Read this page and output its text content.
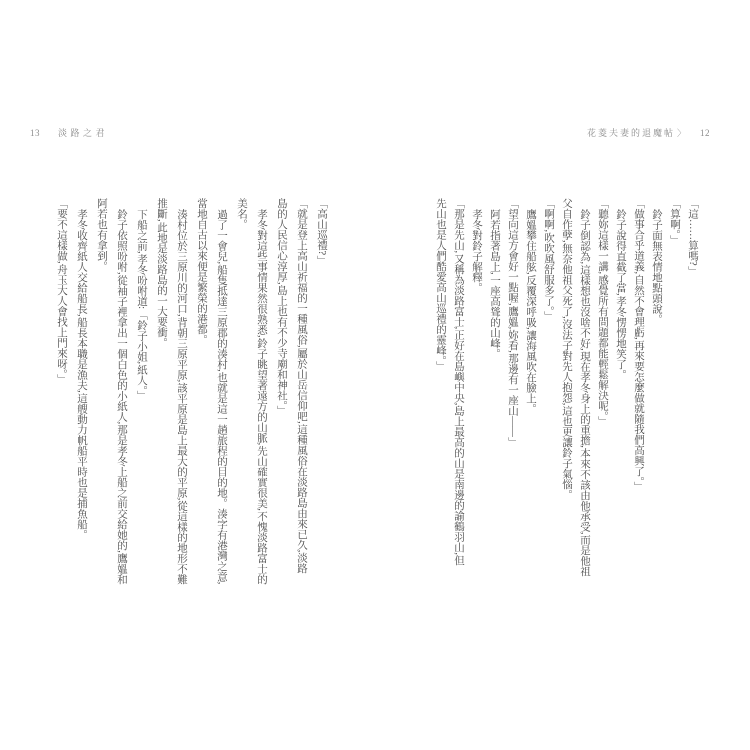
13 淡路之君	花菱夫妻的退魔帖 〉 12
「這……算嗎?」
「算啊。」
鈴子面無表情地點頭說。
「做事合乎道義,自然不會理虧,再來要怎麼做就隨我們高興了。」
鈴子說得直截了當,孝冬愣愣地笑了。
「聽妳這樣一講,感覺所有問題都能輕鬆解決呢。」
鈴子倒認為,這樣想也沒啥不好,現在孝冬身上的重擔,本來不該由他承受,而是他祖
父自作孽,無奈他祖父死了,沒法子對先人抱怨,這也更讓鈴子氣惱。
「啊啊,吹吹風舒服多了。」
鷹媼攀住船舷,反覆深呼吸,讓海風吹在臉上。
「望向這方會好一點喔,鷹媼,妳看,那邊有一座山——」
阿若指著島上,一座高聳的山峰。
孝冬對鈴子解釋。
「那是先山,又稱為淡路富士,正好在島嶼中央,島上最高的山是南邊的諭鶴羽山,但
先山也是人們酷愛高山巡禮的靈峰。」
「高山巡禮?」
「就是登上高山祈福的一種風俗,屬於山岳信仰吧,這種風俗在淡路島由來已久,淡路
島的人民信心淳厚,島上也有不少寺廟和神社。」
孝冬對這些事情果然很熟悉,鈴子眺望著遠方的山脈,先山確實很美,不愧淡路富士的
美名。
過了一會兒,船隻抵達三原郡的湊村,也就是這一趟旅程的目的地。湊字有港灣之意,
當地自古以來便是繁榮的港都。
湊村位於三原川的河口,背朝三原平原,該平原是島上最大的平原,從這樣的地形不難
推斷,此地是淡路島的一大要衝。
下船之前,孝冬吩咐道:「鈴子小姐,紙人。」
鈴子依照吩咐,從袖子裡拿出一個白色的小紙人,那是孝冬上船之前交給她的,鷹媼和
阿若也有拿到。
孝冬收齊紙人交給船長,船長本職是漁夫,這艘動力帆船平時也是捕魚船。
「要不這樣做,舟玉大人會找上門來呀。」
